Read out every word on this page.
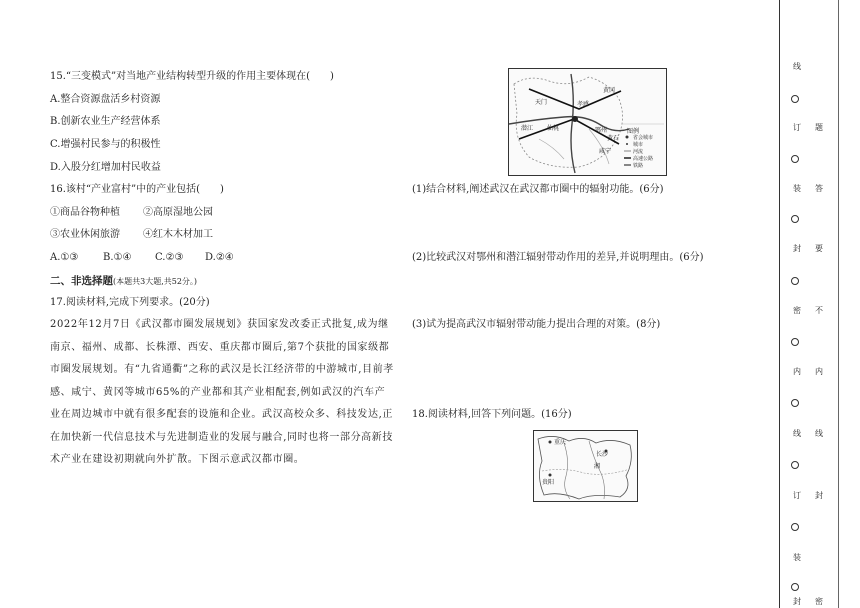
15.“三变模式”对当地产业结构转型升级的作用主要体现在(　　)
A.整合资源盘活乡村资源
B.创新农业生产经营体系
C.增强村民参与的积极性
D.入股分红增加村民收益
16.该村“产业富村”中的产业包括(　　)
①商品谷物种植 ②高原湿地公园
③农业休闲旅游 ④红木木材加工
A.①③ B.①④ C.②③ D.②④
二、非选择题(本题共3大题,共52分。)
17.阅读材料,完成下列要求。(20分)
2022年12月7日《武汉都市圈发展规划》获国家发改委正式批复,成为继南京、福州、成都、长株潭、西安、重庆都市圈后,第7个获批的国家级都市圈发展规划。有“九省通衢”之称的武汉是长江经济带的中游城市,目前孝感、咸宁、黄冈等城市65%的产业都和其产业相配套,例如武汉的汽车产业在周边城市中就有很多配套的设施和企业。武汉高校众多、科技发达,正在加快新一代信息技术与先进制造业的发展与融合,同时也将一部分高新技术产业在建设初期就向外扩散。下图示意武汉都市圈。
天门	孝感
黄冈
鄂州
黄石
潜江 仙桃
咸宁
图例
省会城市
城市
河流
高速公路
铁路
(1)结合材料,阐述武汉在武汉都市圈中的辐射功能。(6分)
(2)比较武汉对鄂州和潜江辐射带动作用的差异,并说明理由。(6分)
(3)试为提高武汉市辐射带动能力提出合理的对策。(8分)
18.阅读材料,回答下列问题。(16分)
重庆
长沙
贵阳
湘
线
订
装
封
密
内
线
订
装
封
题
答
要
不
内
线
封
密
